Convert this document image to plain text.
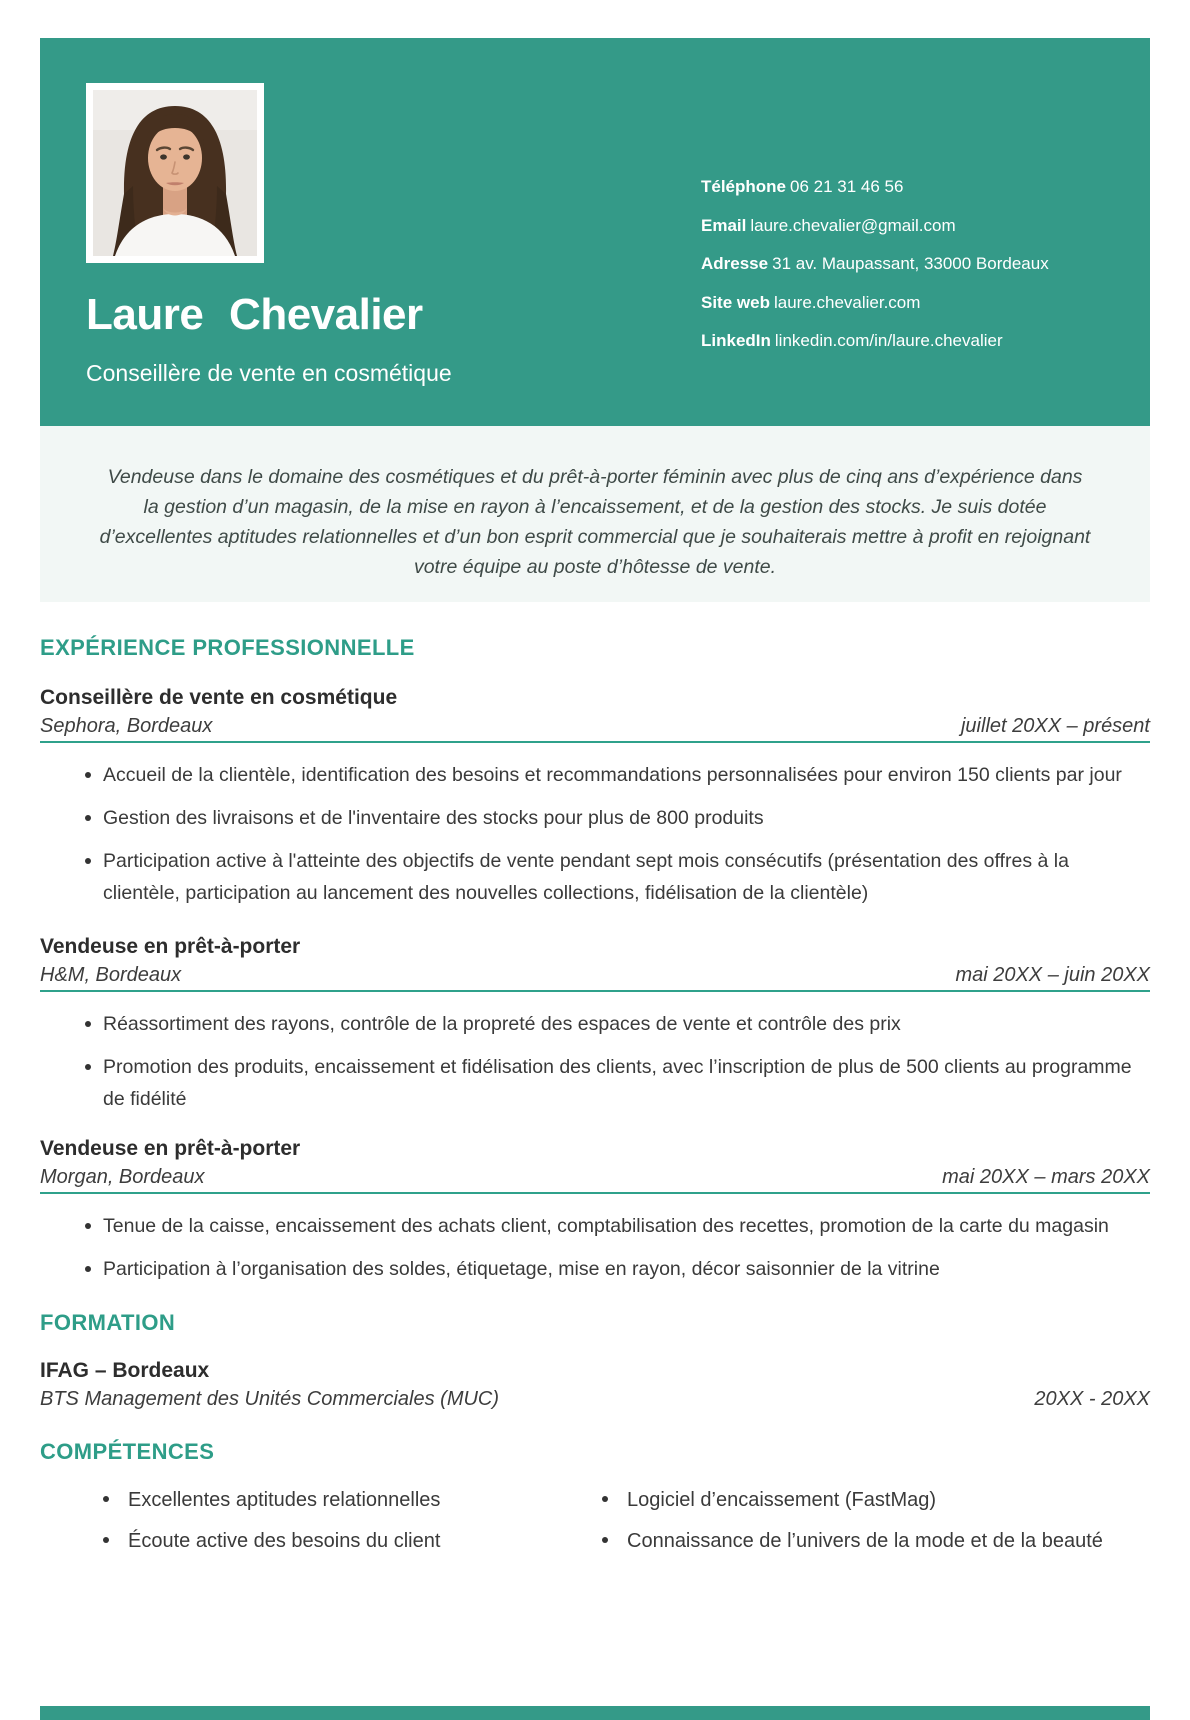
Laure Chevalier
Conseillère de vente en cosmétique
Téléphone 06 21 31 46 56
Email laure.chevalier@gmail.com
Adresse 31 av. Maupassant, 33000 Bordeaux
Site web laure.chevalier.com
LinkedIn linkedin.com/in/laure.chevalier
Vendeuse dans le domaine des cosmétiques et du prêt-à-porter féminin avec plus de cinq ans d’expérience dans la gestion d’un magasin, de la mise en rayon à l’encaissement, et de la gestion des stocks. Je suis dotée d’excellentes aptitudes relationnelles et d’un bon esprit commercial que je souhaiterais mettre à profit en rejoignant votre équipe au poste d’hôtesse de vente.
EXPÉRIENCE PROFESSIONNELLE
Conseillère de vente en cosmétique
Sephora, Bordeaux	juillet 20XX – présent
Accueil de la clientèle, identification des besoins et recommandations personnalisées pour environ 150 clients par jour
Gestion des livraisons et de l'inventaire des stocks pour plus de 800 produits
Participation active à l'atteinte des objectifs de vente pendant sept mois consécutifs (présentation des offres à la clientèle, participation au lancement des nouvelles collections, fidélisation de la clientèle)
Vendeuse en prêt-à-porter
H&M, Bordeaux	mai 20XX – juin 20XX
Réassortiment des rayons, contrôle de la propreté des espaces de vente et contrôle des prix
Promotion des produits, encaissement et fidélisation des clients, avec l’inscription de plus de 500 clients au programme de fidélité
Vendeuse en prêt-à-porter
Morgan, Bordeaux	mai 20XX – mars 20XX
Tenue de la caisse, encaissement des achats client, comptabilisation des recettes, promotion de la carte du magasin
Participation à l’organisation des soldes, étiquetage, mise en rayon, décor saisonnier de la vitrine
FORMATION
IFAG – Bordeaux
BTS Management des Unités Commerciales (MUC)	20XX - 20XX
COMPÉTENCES
Excellentes aptitudes relationnelles
Écoute active des besoins du client
Logiciel d’encaissement (FastMag)
Connaissance de l’univers de la mode et de la beauté
